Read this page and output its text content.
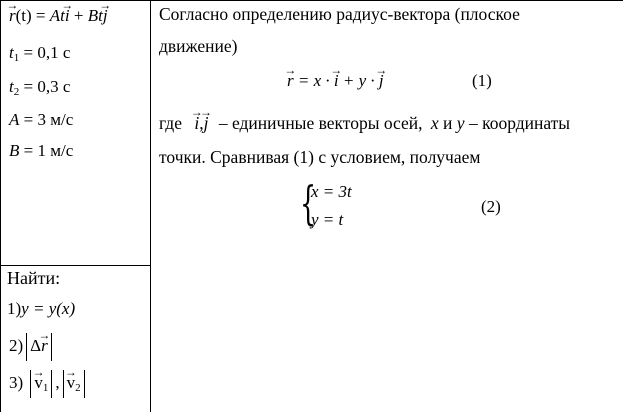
→ r(t) = At→ i + Bt→ j
$t_1 = 0,1$ с
$t_2 = 0,3$ с
A = 3 м/с
B = 1 м/с
Найти:
1)y = y(x)
2) Δ→ r
$3) \to v_1$ , → $v_2$
Согласно определению радиус-вектора (плоское
движение)
→ r = x · → i + y · → j	(1)
где → i,→ j – единичные векторы осей, x и y – координаты
точки. Сравнивая (1) с условием, получаем
{
x = 3t
y = t
(2)
